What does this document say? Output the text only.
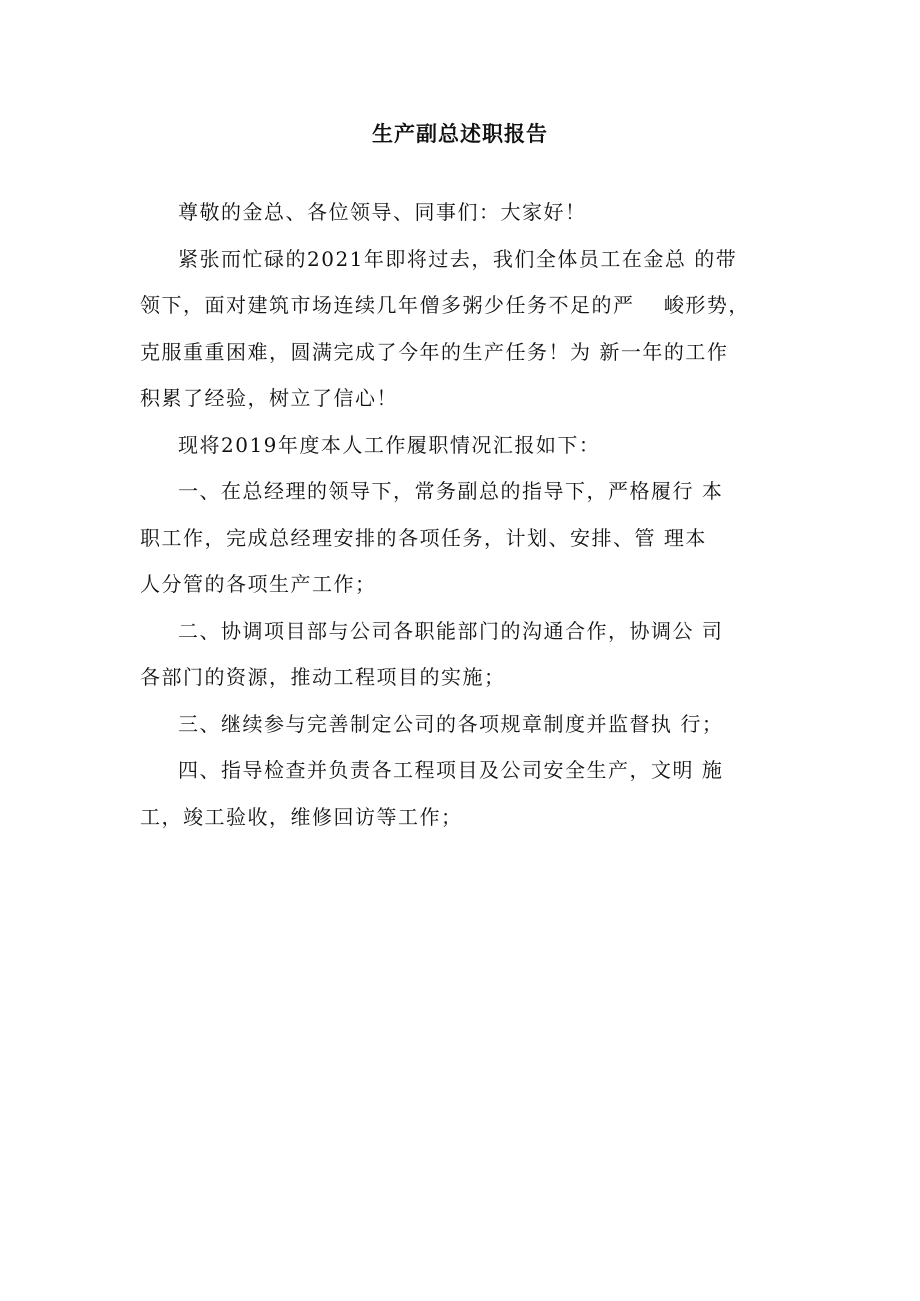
生产副总述职报告

尊敬的金总、各位领导、同事们：大家好！

紧张而忙碌的2021年即将过去，我们全体员工在金总 的带

领下，面对建筑市场连续几年僧多粥少任务不足的严　 峻形势，

克服重重困难，圆满完成了今年的生产任务！为 新一年的工作

积累了经验，树立了信心！

现将2019年度本人工作履职情况汇报如下：

一、在总经理的领导下，常务副总的指导下，严格履行 本

职工作，完成总经理安排的各项任务，计划、安排、管 理本

人分管的各项生产工作；

二、协调项目部与公司各职能部门的沟通合作，协调公 司

各部门的资源，推动工程项目的实施；

三、继续参与完善制定公司的各项规章制度并监督执 行；

四、指导检查并负责各工程项目及公司安全生产，文明 施

工，竣工验收，维修回访等工作；
